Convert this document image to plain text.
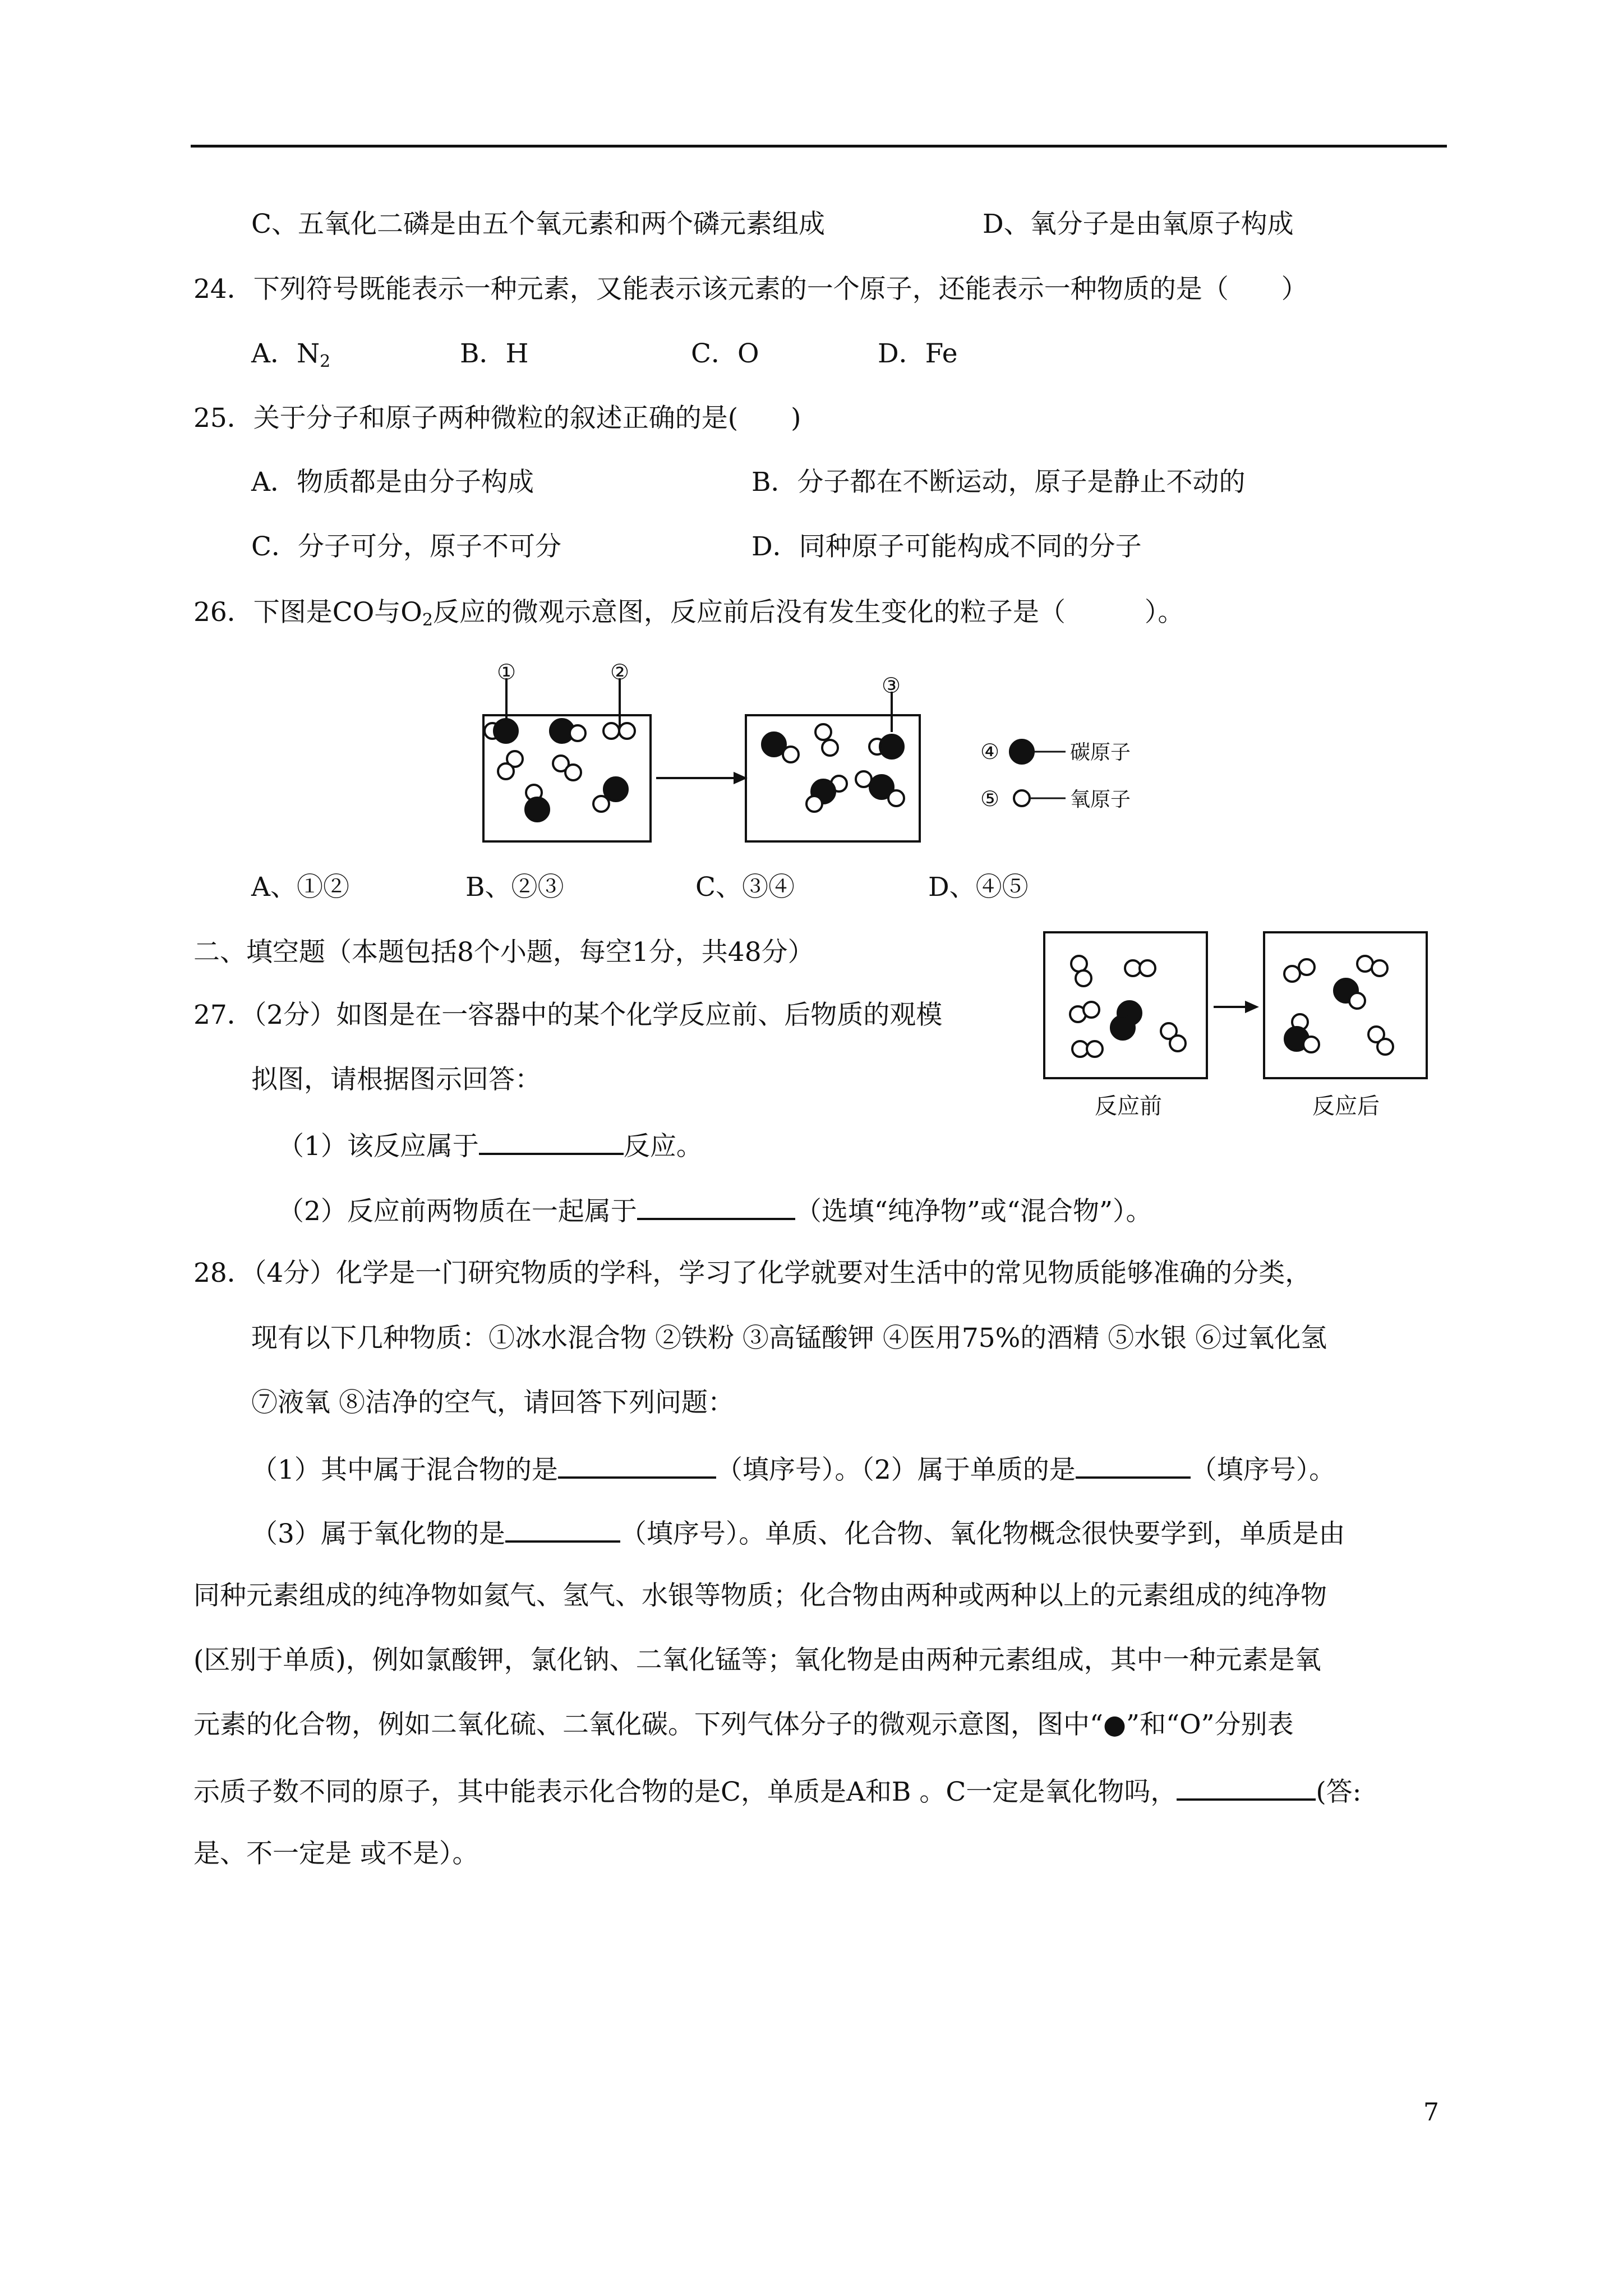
C、五氧化二磷是由五个氧元素和两个磷元素组成	D、氧分子是由氧原子构成
24．下列符号既能表示一种元素，又能表示该元素的一个原子，还能表示一种物质的是（　　）
A．$N_2$	B．H	C．O	D．Fe
25．关于分子和原子两种微粒的叙述正确的是(　　)
A．物质都是由分子构成	B．分子都在不断运动，原子是静止不动的
C．分子可分，原子不可分	D．同种原子可能构成不同的分子
26．下图是CO与$O_2$反应的微观示意图，反应前后没有发生变化的粒子是（　　　）。
①	②
③
④
⑤
碳原子
氧原子
A、①②	B、②③	C、③④	D、④⑤
二、填空题（本题包括8个小题，每空1分，共48分）
27．（2分）如图是在一容器中的某个化学反应前、后物质的观模
拟图，请根据图示回答：
反应前	反应后
（1）该反应属于	反应。
（2）反应前两物质在一起属于	（选填“纯净物”或“混合物”）。
28．（4分）化学是一门研究物质的学科，学习了化学就要对生活中的常见物质能够准确的分类，
现有以下几种物质：①冰水混合物 ②铁粉 ③高锰酸钾 ④医用75%的酒精 ⑤水银 ⑥过氧化氢
⑦液氧 ⑧洁净的空气，请回答下列问题：
（1）其中属于混合物的是	（填序号）。（2）属于单质的是	（填序号）。
（3）属于氧化物的是	（填序号）。单质、化合物、氧化物概念很快要学到，单质是由
同种元素组成的纯净物如氦气、氢气、水银等物质；化合物由两种或两种以上的元素组成的纯净物
(区别于单质)，例如氯酸钾，氯化钠、二氧化锰等；氧化物是由两种元素组成，其中一种元素是氧
元素的化合物，例如二氧化硫、二氧化碳。下列气体分子的微观示意图，图中“●”和“O”分别表
示质子数不同的原子，其中能表示化合物的是C，单质是A和B 。C一定是氧化物吗，	(答:
是、不一定是 或不是）。
7
